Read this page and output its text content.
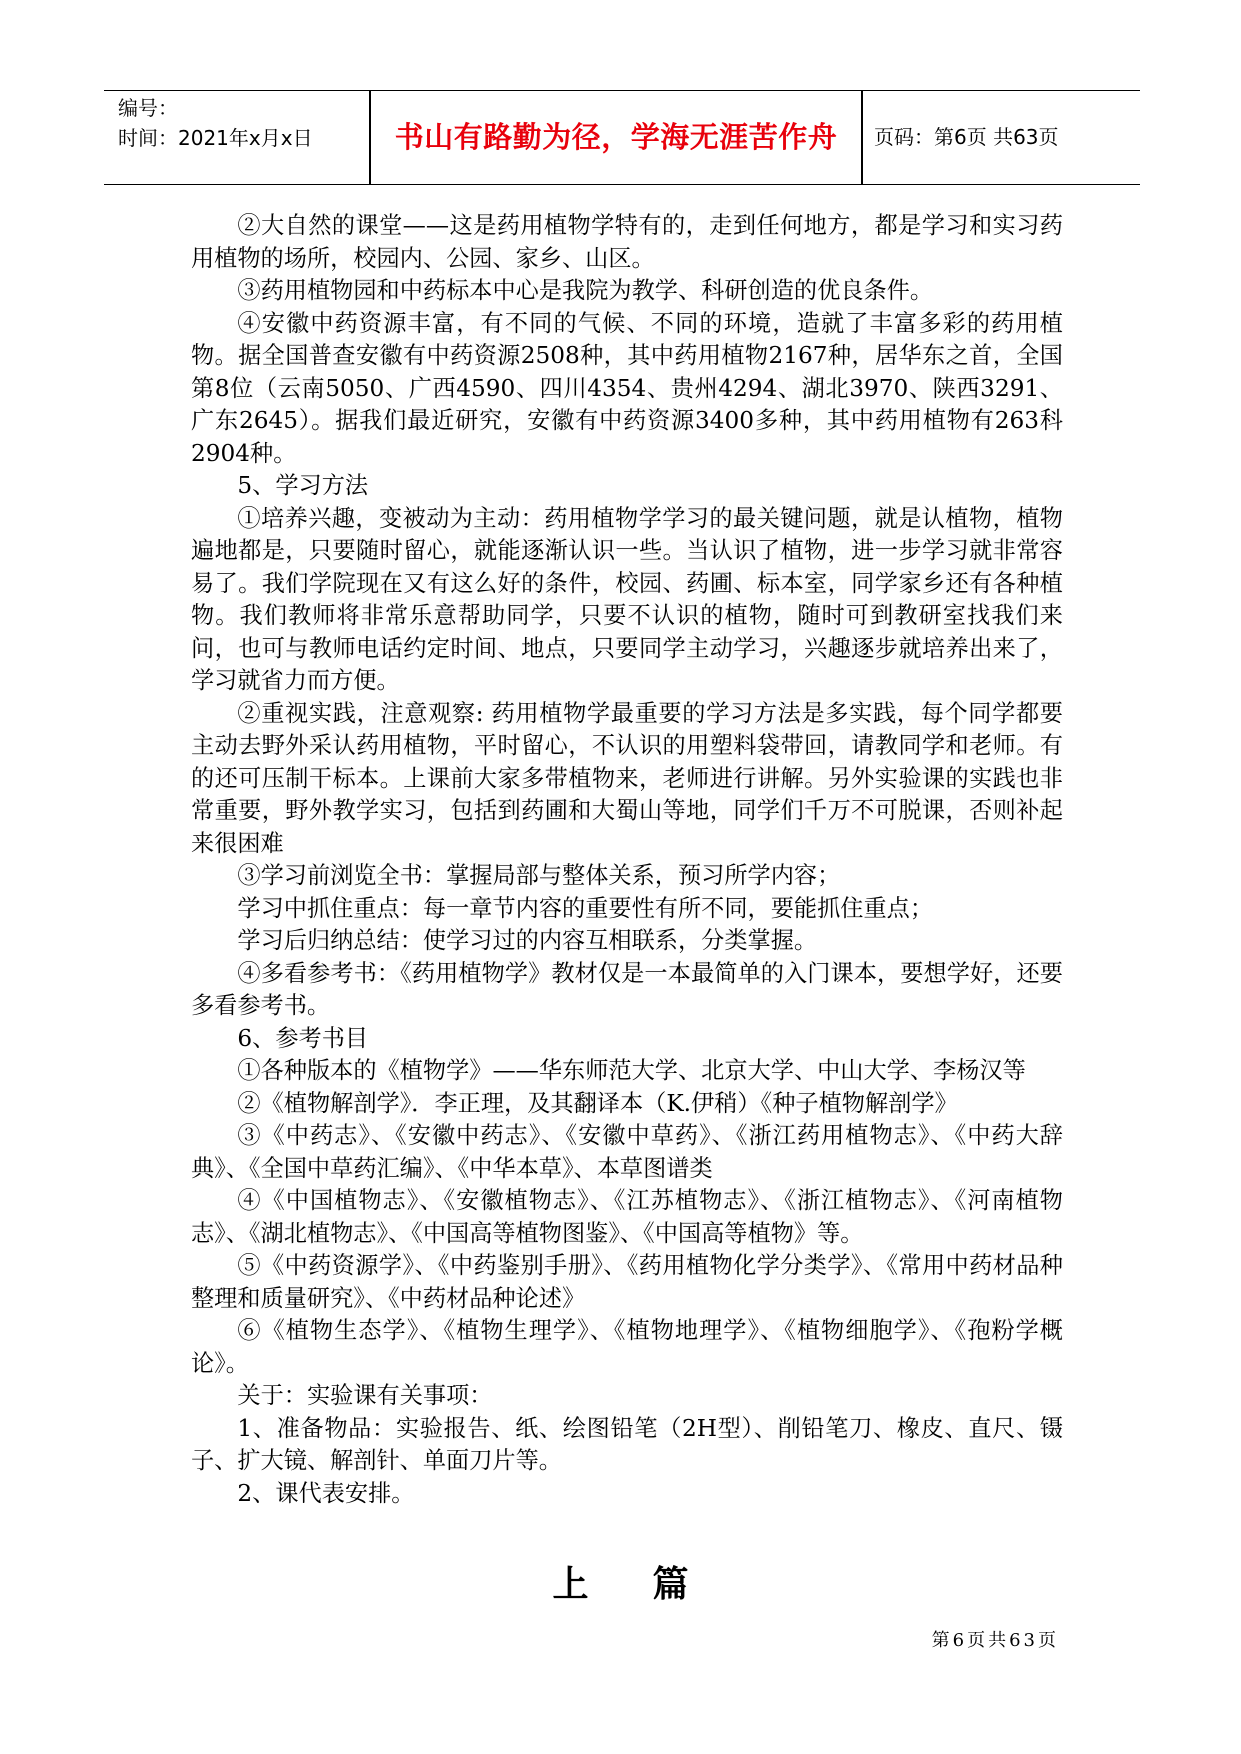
编号：
时间：2021年x月x日	书山有路勤为径，学海无涯苦作舟	页码：第6页 共63页

②大自然的课堂——这是药用植物学特有的，走到任何地方，都是学习和实习药用植物的场所，校园内、公园、家乡、山区。

③药用植物园和中药标本中心是我院为教学、科研创造的优良条件。

④安徽中药资源丰富，有不同的气候、不同的环境，造就了丰富多彩的药用植物。据全国普查安徽有中药资源2508种，其中药用植物2167种，居华东之首，全国第8位（云南5050、广西4590、四川4354、贵州4294、湖北3970、陕西3291、广东2645）。据我们最近研究，安徽有中药资源3400多种，其中药用植物有263科2904种。

5、学习方法

①培养兴趣，变被动为主动：药用植物学学习的最关键问题，就是认植物，植物遍地都是，只要随时留心，就能逐渐认识一些。当认识了植物，进一步学习就非常容易了。我们学院现在又有这么好的条件，校园、药圃、标本室，同学家乡还有各种植物。我们教师将非常乐意帮助同学，只要不认识的植物，随时可到教研室找我们来问，也可与教师电话约定时间、地点，只要同学主动学习，兴趣逐步就培养出来了，学习就省力而方便。

②重视实践，注意观察: 药用植物学最重要的学习方法是多实践，每个同学都要主动去野外采认药用植物，平时留心，不认识的用塑料袋带回，请教同学和老师。有的还可压制干标本。上课前大家多带植物来，老师进行讲解。另外实验课的实践也非常重要，野外教学实习，包括到药圃和大蜀山等地，同学们千万不可脱课，否则补起来很困难

③学习前浏览全书：掌握局部与整体关系，预习所学内容；

学习中抓住重点：每一章节内容的重要性有所不同，要能抓住重点；

学习后归纳总结：使学习过的内容互相联系，分类掌握。

④多看参考书：《药用植物学》教材仅是一本最简单的入门课本，要想学好，还要多看参考书。

6、参考书目

①各种版本的《植物学》——华东师范大学、北京大学、中山大学、李杨汉等

②《植物解剖学》．李正理，及其翻译本（K.伊稍）《种子植物解剖学》

③《中药志》、《安徽中药志》、《安徽中草药》、《浙江药用植物志》、《中药大辞典》、《全国中草药汇编》、《中华本草》、本草图谱类

④《中国植物志》、《安徽植物志》、《江苏植物志》、《浙江植物志》、《河南植物志》、《湖北植物志》、《中国高等植物图鉴》、《中国高等植物》等。

⑤《中药资源学》、《中药鉴别手册》、《药用植物化学分类学》、《常用中药材品种整理和质量研究》、《中药材品种论述》

⑥《植物生态学》、《植物生理学》、《植物地理学》、《植物细胞学》、《孢粉学概论》。

关于：实验课有关事项：

1、准备物品：实验报告、纸、绘图铅笔（2H型）、削铅笔刀、橡皮、直尺、镊子、扩大镜、解剖针、单面刀片等。

2、课代表安排。

上篇
第6页共63页
